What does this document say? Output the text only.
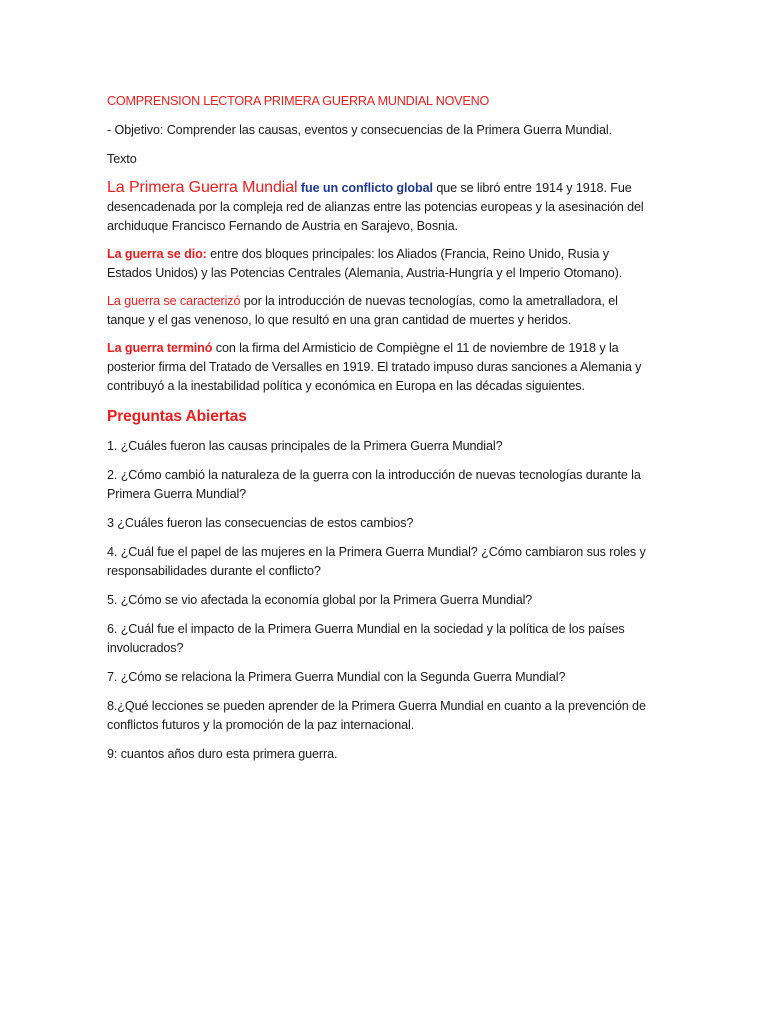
COMPRENSION LECTORA PRIMERA GUERRA MUNDIAL NOVENO

- Objetivo: Comprender las causas, eventos y consecuencias de la Primera Guerra Mundial.

Texto

La Primera Guerra Mundial fue un conflicto global que se libró entre 1914 y 1918. Fue desencadenada por la compleja red de alianzas entre las potencias europeas y la asesinación del archiduque Francisco Fernando de Austria en Sarajevo, Bosnia.

La guerra se dio: entre dos bloques principales: los Aliados (Francia, Reino Unido, Rusia y Estados Unidos) y las Potencias Centrales (Alemania, Austria-Hungría y el Imperio Otomano).

La guerra se caracterizó por la introducción de nuevas tecnologías, como la ametralladora, el tanque y el gas venenoso, lo que resultó en una gran cantidad de muertes y heridos.

La guerra terminó con la firma del Armisticio de Compiègne el 11 de noviembre de 1918 y la posterior firma del Tratado de Versalles en 1919. El tratado impuso duras sanciones a Alemania y contribuyó a la inestabilidad política y económica en Europa en las décadas siguientes.

Preguntas Abiertas

1. ¿Cuáles fueron las causas principales de la Primera Guerra Mundial?

2. ¿Cómo cambió la naturaleza de la guerra con la introducción de nuevas tecnologías durante la Primera Guerra Mundial?

3 ¿Cuáles fueron las consecuencias de estos cambios?

4. ¿Cuál fue el papel de las mujeres en la Primera Guerra Mundial? ¿Cómo cambiaron sus roles y responsabilidades durante el conflicto?

5. ¿Cómo se vio afectada la economía global por la Primera Guerra Mundial?

6. ¿Cuál fue el impacto de la Primera Guerra Mundial en la sociedad y la política de los países involucrados?

7. ¿Cómo se relaciona la Primera Guerra Mundial con la Segunda Guerra Mundial?

8.¿Qué lecciones se pueden aprender de la Primera Guerra Mundial en cuanto a la prevención de conflictos futuros y la promoción de la paz internacional.

9: cuantos años duro esta primera guerra.
